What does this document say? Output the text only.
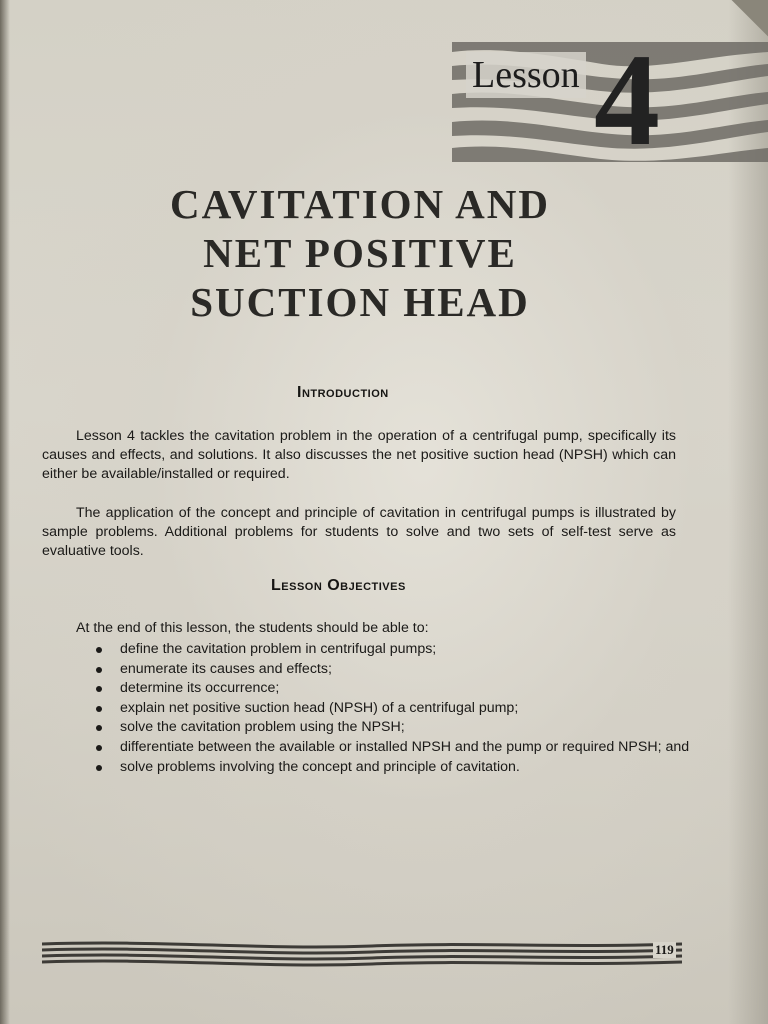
Lesson 4
CAVITATION AND
NET POSITIVE
SUCTION HEAD
Introduction
Lesson 4 tackles the cavitation problem in the operation of a centrifugal pump, specifically its causes and effects, and solutions. It also discusses the net positive suction head (NPSH) which can either be available/installed or required.
The application of the concept and principle of cavitation in centrifugal pumps is illustrated by sample problems. Additional problems for students to solve and two sets of self-test serve as evaluative tools.
Lesson Objectives
At the end of this lesson, the students should be able to:
define the cavitation problem in centrifugal pumps;
enumerate its causes and effects;
determine its occurrence;
explain net positive suction head (NPSH) of a centrifugal pump;
solve the cavitation problem using the NPSH;
differentiate between the available or installed NPSH and the pump or required NPSH; and
solve problems involving the concept and principle of cavitation.
119
